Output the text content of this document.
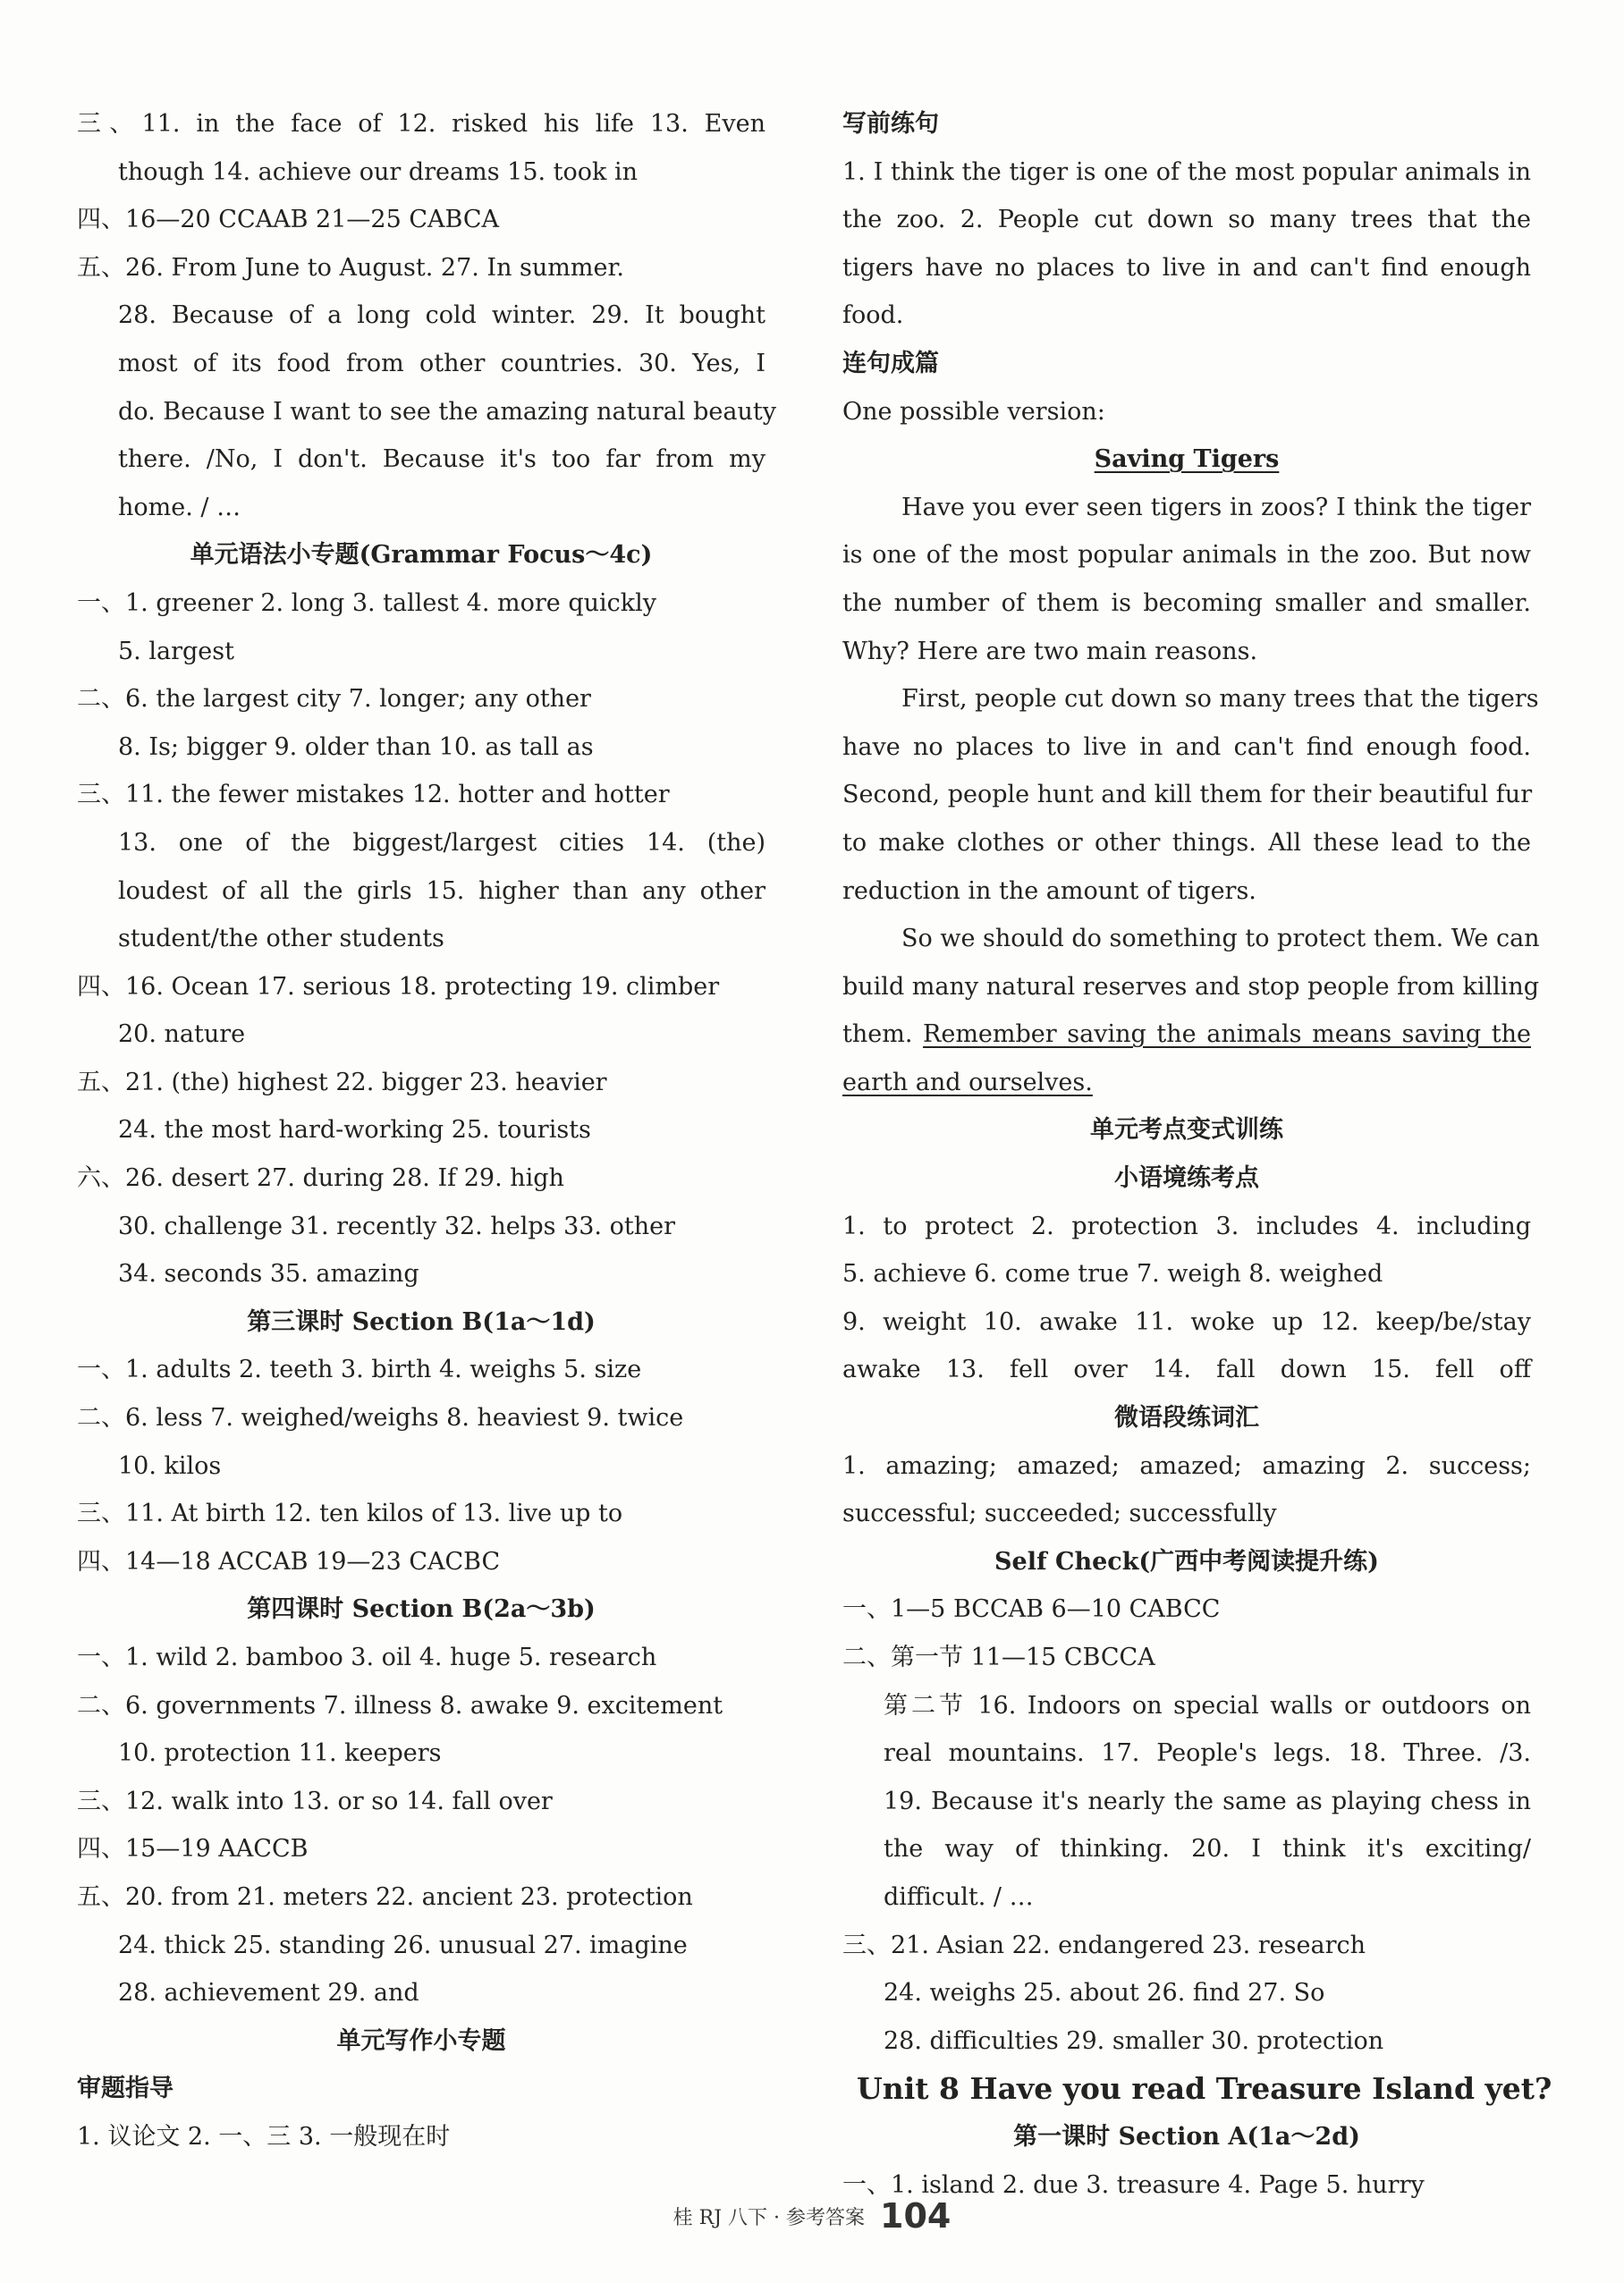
三、11. in the face of 12. risked his life 13. Even
though 14. achieve our dreams 15. took in
四、16—20 CCAAB 21—25 CABCA
五、26. From June to August. 27. In summer.
28. Because of a long cold winter. 29. It bought
most of its food from other countries. 30. Yes, I
do. Because I want to see the amazing natural beauty
there. /No, I don't. Because it's too far from my
home. / …
单元语法小专题(Grammar Focus～4c)
一、1. greener 2. long 3. tallest 4. more quickly
5. largest
二、6. the largest city 7. longer; any other
8. Is; bigger 9. older than 10. as tall as
三、11. the fewer mistakes 12. hotter and hotter
13. one of the biggest/largest cities 14. (the)
loudest of all the girls 15. higher than any other
student/the other students
四、16. Ocean 17. serious 18. protecting 19. climber
20. nature
五、21. (the) highest 22. bigger 23. heavier
24. the most hard-working 25. tourists
六、26. desert 27. during 28. If 29. high
30. challenge 31. recently 32. helps 33. other
34. seconds 35. amazing
第三课时 Section B(1a～1d)
一、1. adults 2. teeth 3. birth 4. weighs 5. size
二、6. less 7. weighed/weighs 8. heaviest 9. twice
10. kilos
三、11. At birth 12. ten kilos of 13. live up to
四、14—18 ACCAB 19—23 CACBC
第四课时 Section B(2a～3b)
一、1. wild 2. bamboo 3. oil 4. huge 5. research
二、6. governments 7. illness 8. awake 9. excitement
10. protection 11. keepers
三、12. walk into 13. or so 14. fall over
四、15—19 AACCB
五、20. from 21. meters 22. ancient 23. protection
24. thick 25. standing 26. unusual 27. imagine
28. achievement 29. and
单元写作小专题
审题指导
1. 议论文 2. 一、三 3. 一般现在时
写前练句
1. I think the tiger is one of the most popular animals in
the zoo. 2. People cut down so many trees that the
tigers have no places to live in and can't find enough
food.
连句成篇
One possible version:
Saving Tigers
Have you ever seen tigers in zoos? I think the tiger
is one of the most popular animals in the zoo. But now
the number of them is becoming smaller and smaller.
Why? Here are two main reasons.
First, people cut down so many trees that the tigers
have no places to live in and can't find enough food.
Second, people hunt and kill them for their beautiful fur
to make clothes or other things. All these lead to the
reduction in the amount of tigers.
So we should do something to protect them. We can
build many natural reserves and stop people from killing
them. Remember saving the animals means saving the
earth and ourselves.
单元考点变式训练
小语境练考点
1. to protect 2. protection 3. includes 4. including
5. achieve 6. come true 7. weigh 8. weighed
9. weight 10. awake 11. woke up 12. keep/be/stay
awake 13. fell over 14. fall down 15. fell off
微语段练词汇
1. amazing; amazed; amazed; amazing 2. success;
successful; succeeded; successfully
Self Check(广西中考阅读提升练)
一、1—5 BCCAB 6—10 CABCC
二、第一节 11—15 CBCCA
第二节 16. Indoors on special walls or outdoors on
real mountains. 17. People's legs. 18. Three. /3.
19. Because it's nearly the same as playing chess in
the way of thinking. 20. I think it's exciting/
difficult. / …
三、21. Asian 22. endangered 23. research
24. weighs 25. about 26. find 27. So
28. difficulties 29. smaller 30. protection
Unit 8 Have you read Treasure Island yet?
第一课时 Section A(1a～2d)
一、1. island 2. due 3. treasure 4. Page 5. hurry
桂 RJ 八下 · 参考答案 104
